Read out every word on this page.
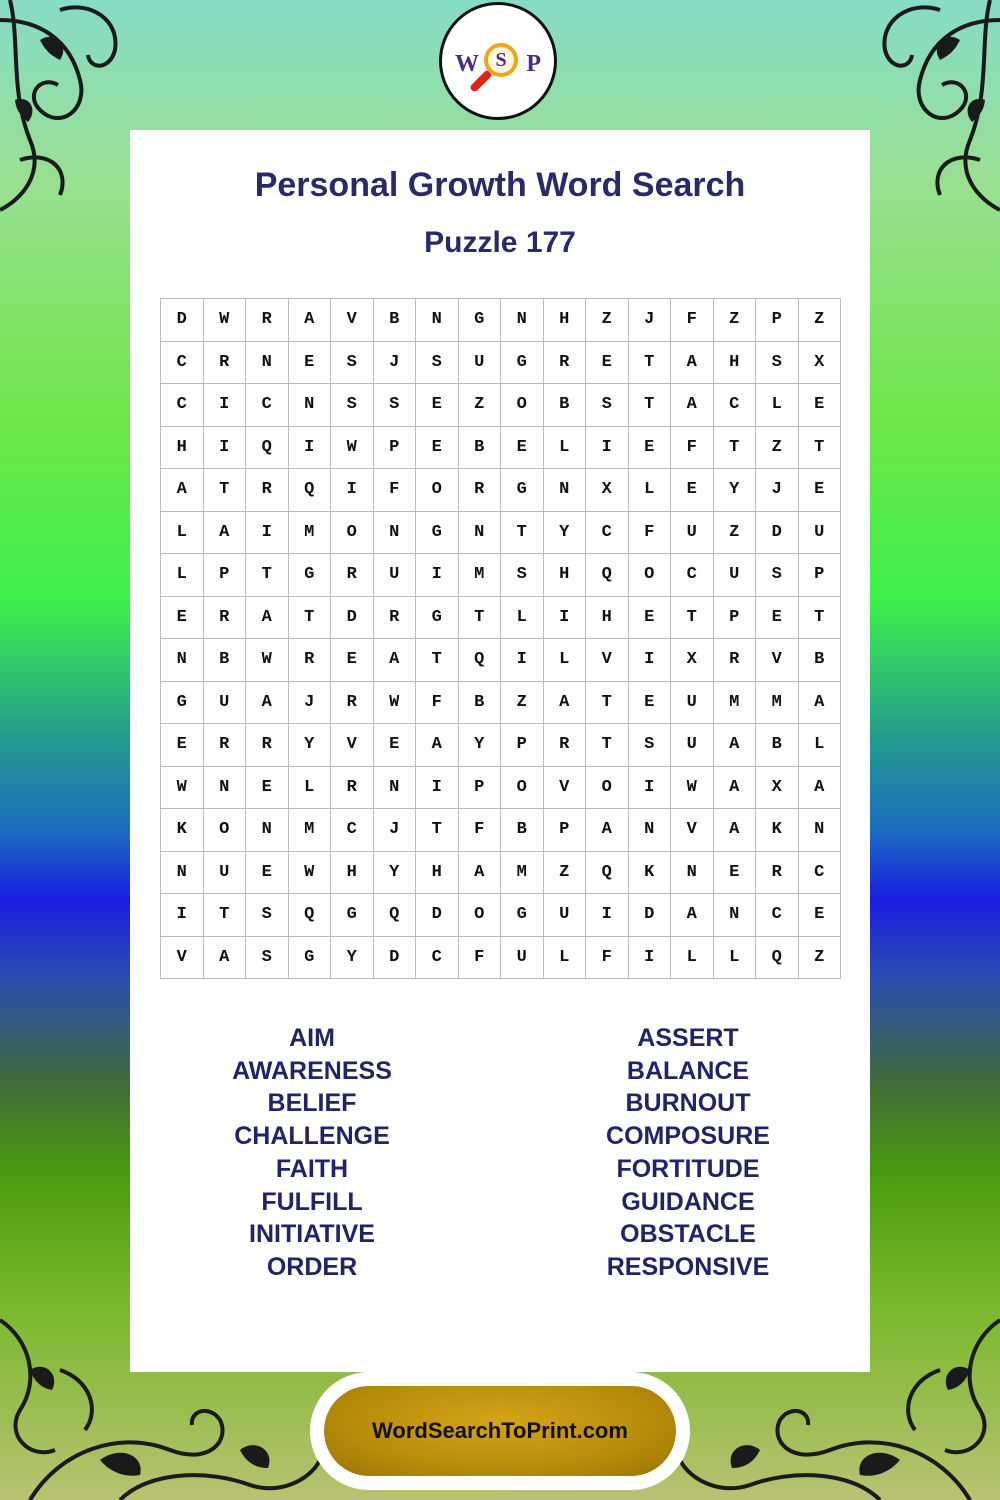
W S P
Personal Growth Word Search
Puzzle 177
D	W	R	A	V	B	N	G	N	H	Z	J	F	Z	P	Z
C	R	N	E	S	J	S	U	G	R	E	T	A	H	S	X
C	I	C	N	S	S	E	Z	O	B	S	T	A	C	L	E
H	I	Q	I	W	P	E	B	E	L	I	E	F	T	Z	T
A	T	R	Q	I	F	O	R	G	N	X	L	E	Y	J	E
L	A	I	M	O	N	G	N	T	Y	C	F	U	Z	D	U
L	P	T	G	R	U	I	M	S	H	Q	O	C	U	S	P
E	R	A	T	D	R	G	T	L	I	H	E	T	P	E	T
N	B	W	R	E	A	T	Q	I	L	V	I	X	R	V	B
G	U	A	J	R	W	F	B	Z	A	T	E	U	M	M	A
E	R	R	Y	V	E	A	Y	P	R	T	S	U	A	B	L
W	N	E	L	R	N	I	P	O	V	O	I	W	A	X	A
K	O	N	M	C	J	T	F	B	P	A	N	V	A	K	N
N	U	E	W	H	Y	H	A	M	Z	Q	K	N	E	R	C
I	T	S	Q	G	Q	D	O	G	U	I	D	A	N	C	E
V	A	S	G	Y	D	C	F	U	L	F	I	L	L	Q	Z
AIM
AWARENESS
BELIEF
CHALLENGE
FAITH
FULFILL
INITIATIVE
ORDER
ASSERT
BALANCE
BURNOUT
COMPOSURE
FORTITUDE
GUIDANCE
OBSTACLE
RESPONSIVE
WordSearchToPrint.com
